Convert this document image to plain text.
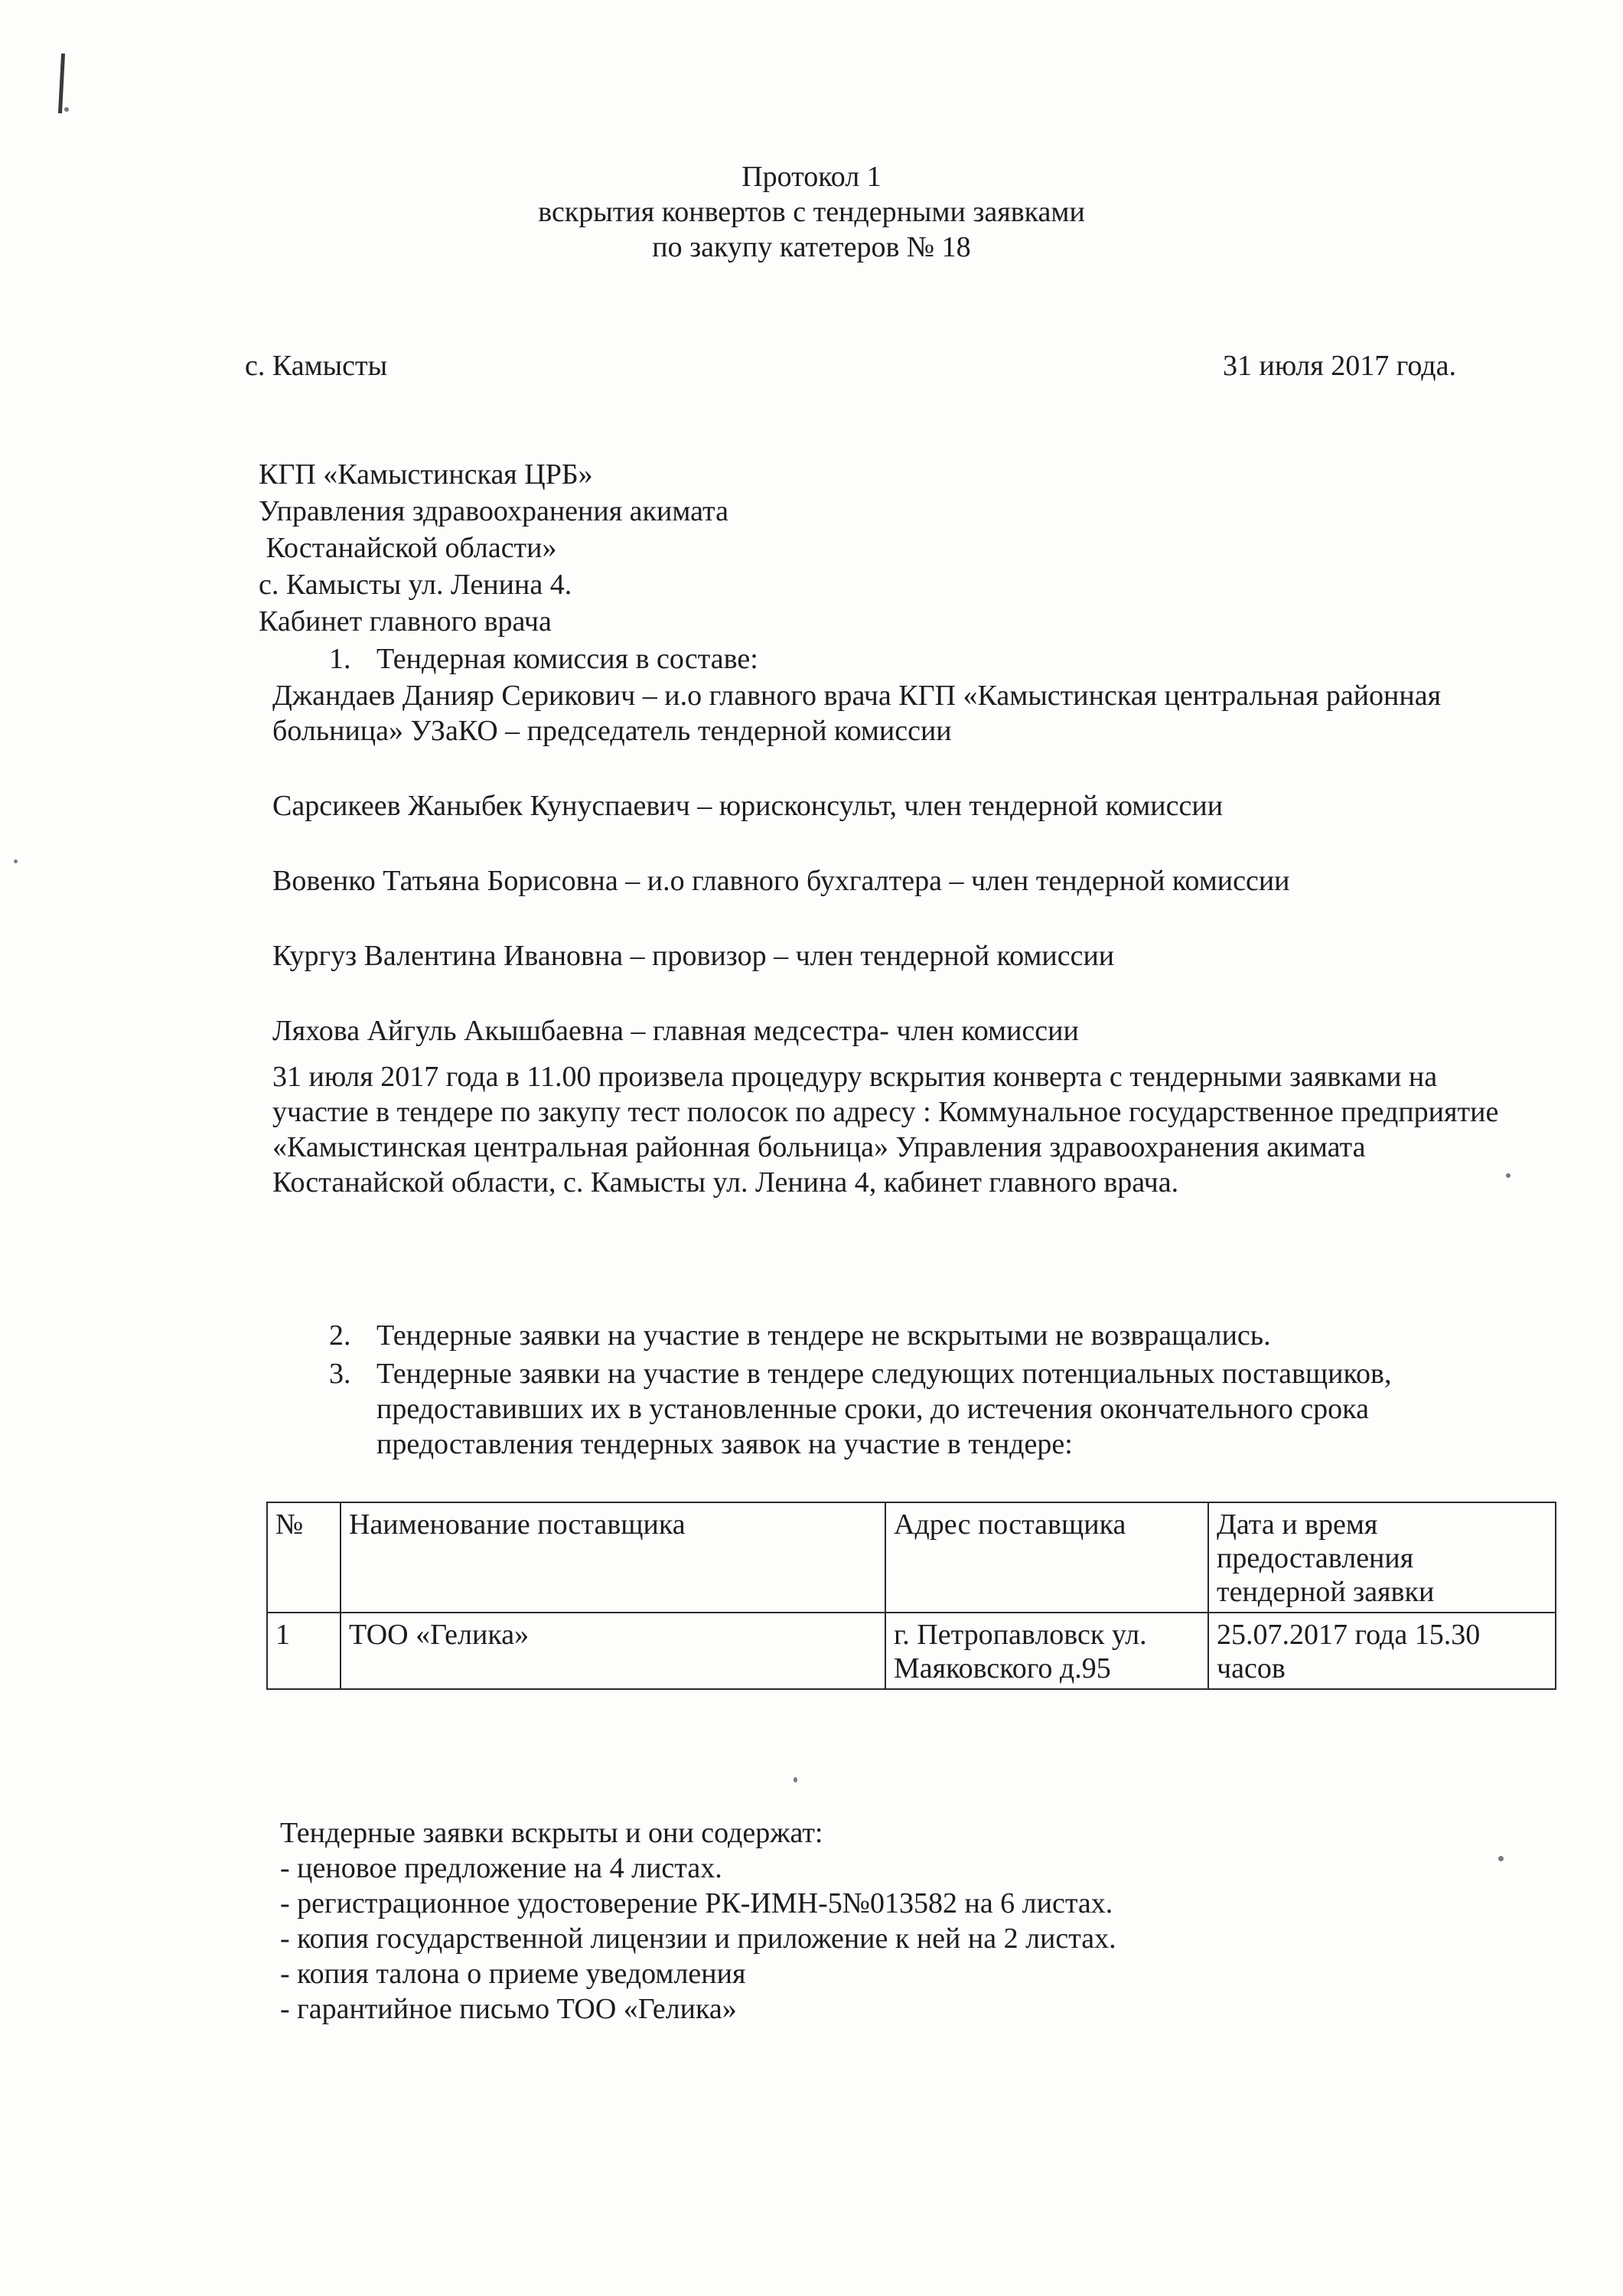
Протокол 1
вскрытия конвертов с тендерными заявками
по закупу катетеров № 18
с. Камысты	31 июля 2017 года.
КГП «Камыстинская ЦРБ»
Управления здравоохранения акимата
Костанайской области»
с. Камысты ул. Ленина 4.
Кабинет главного врача
1. Тендерная комиссия в составе:

Джандаев Данияр Серикович – и.о главного врача КГП «Камыстинская центральная районная больница» УЗаКО – председатель тендерной комиссии

Сарсикеев Жаныбек Кунуспаевич – юрисконсульт, член тендерной комиссии

Вовенко Татьяна Борисовна – и.о главного бухгалтера – член тендерной комиссии

Кургуз Валентина Ивановна – провизор – член тендерной комиссии

Ляхова Айгуль Акышбаевна – главная медсестра- член комиссии

31 июля 2017 года в 11.00 произвела процедуру вскрытия конверта с тендерными заявками на участие в тендере по закупу тест полосок по адресу : Коммунальное государственное предприятие «Камыстинская центральная районная больница» Управления здравоохранения акимата Костанайской области, с. Камысты ул. Ленина 4, кабинет главного врача.

2. Тендерные заявки на участие в тендере не вскрытыми не возвращались.
3. Тендерные заявки на участие в тендере следующих потенциальных поставщиков, предоставивших их в установленные сроки, до истечения окончательного срока предоставления тендерных заявок на участие в тендере:
№	Наименование поставщика	Адрес поставщика	Дата и время предоставления тендерной заявки
1	ТОО «Гелика»	г. Петропавловск ул. Маяковского д.95	25.07.2017 года 15.30 часов
Тендерные заявки вскрыты и они содержат:
- ценовое предложение на 4 листах.
- регистрационное удостоверение РК-ИМН-5№013582 на 6 листах.
- копия государственной лицензии и приложение к ней на 2 листах.
- копия талона о приеме уведомления
- гарантийное письмо ТОО «Гелика»
